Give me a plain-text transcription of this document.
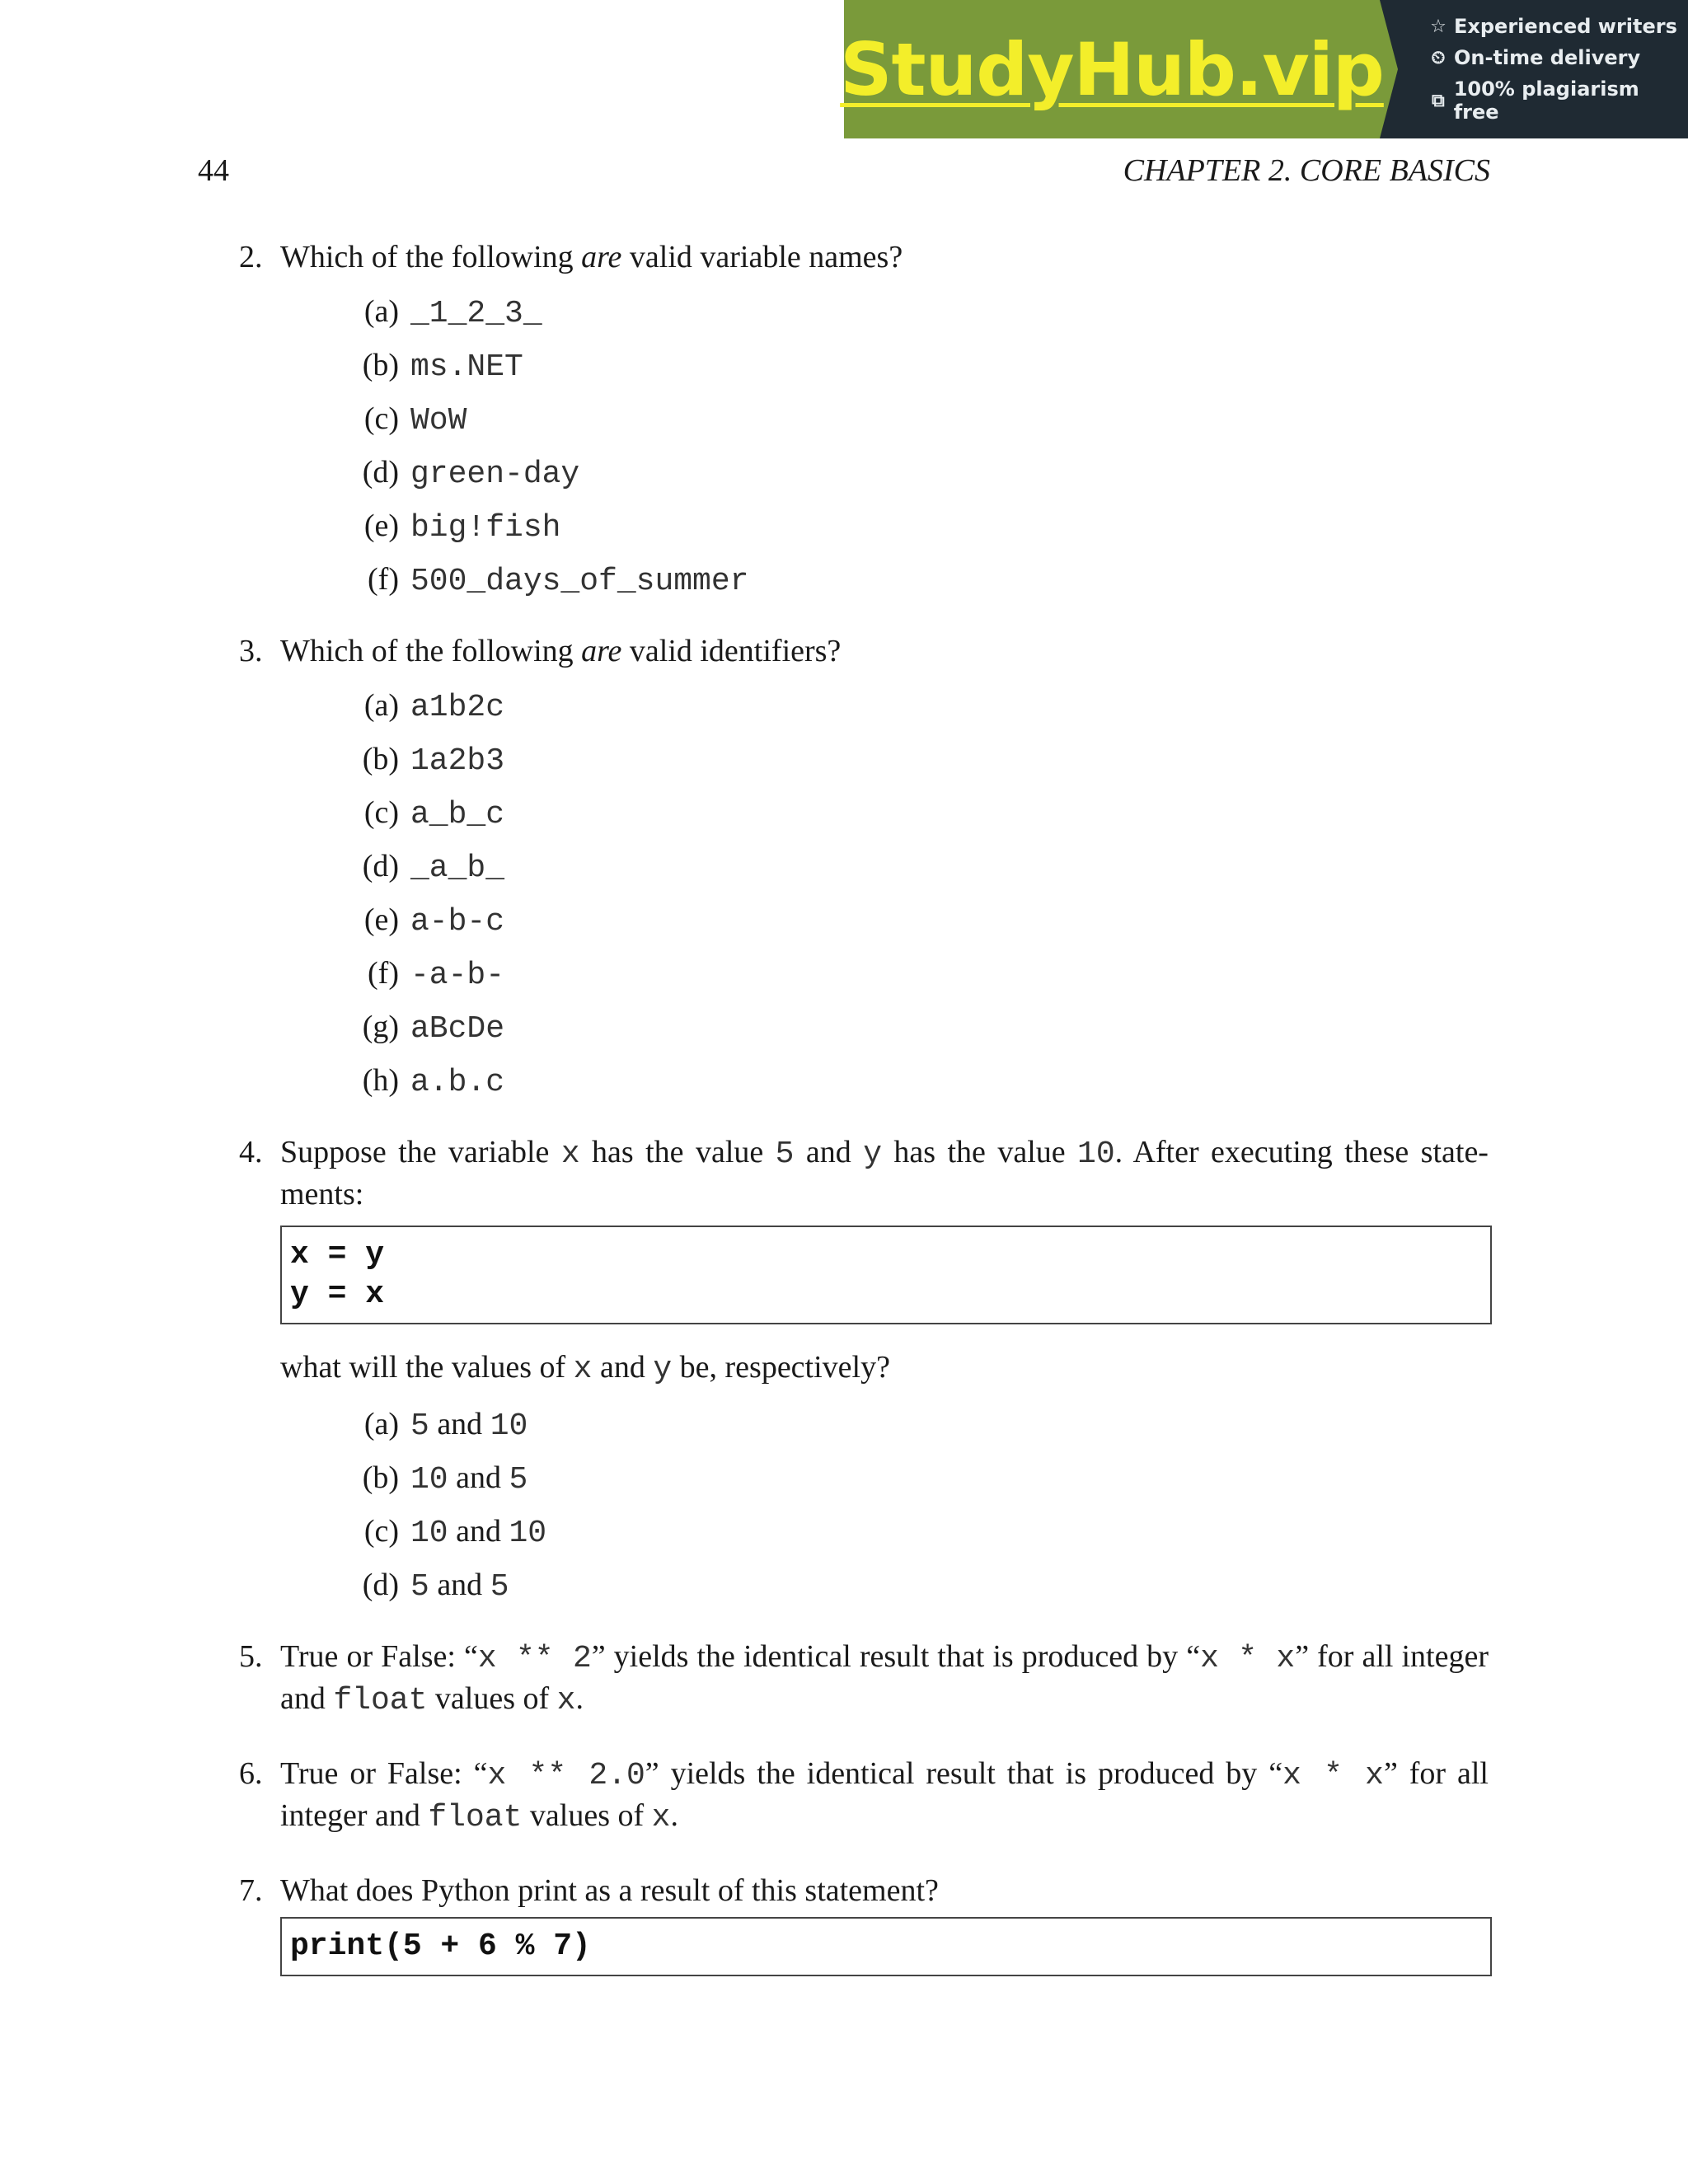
StudyHub.vip
☆ Experienced writers
⏲ On-time delivery
⧉ 100% plagiarism free
44	CHAPTER 2. CORE BASICS
2. Which of the following are valid variable names?
(a) _1_2_3_
(b) ms.NET
(c) WoW
(d) green-day
(e) big!fish
(f) 500_days_of_summer
3. Which of the following are valid identifiers?
(a) a1b2c
(b) 1a2b3
(c) a_b_c
(d) _a_b_
(e) a-b-c
(f) -a-b-
(g) aBcDe
(h) a.b.c
4. Suppose the variable x has the value 5 and y has the value 10. After executing these state-ments:
x = y
y = x
what will the values of x and y be, respectively?
(a) 5 and 10
(b) 10 and 5
(c) 10 and 10
(d) 5 and 5
5. True or False: “x ** 2” yields the identical result that is produced by “x * x” for all integer and float values of x.
6. True or False: “x ** 2.0” yields the identical result that is produced by “x * x” for all integer and float values of x.
7. What does Python print as a result of this statement?
print(5 + 6 % 7)
